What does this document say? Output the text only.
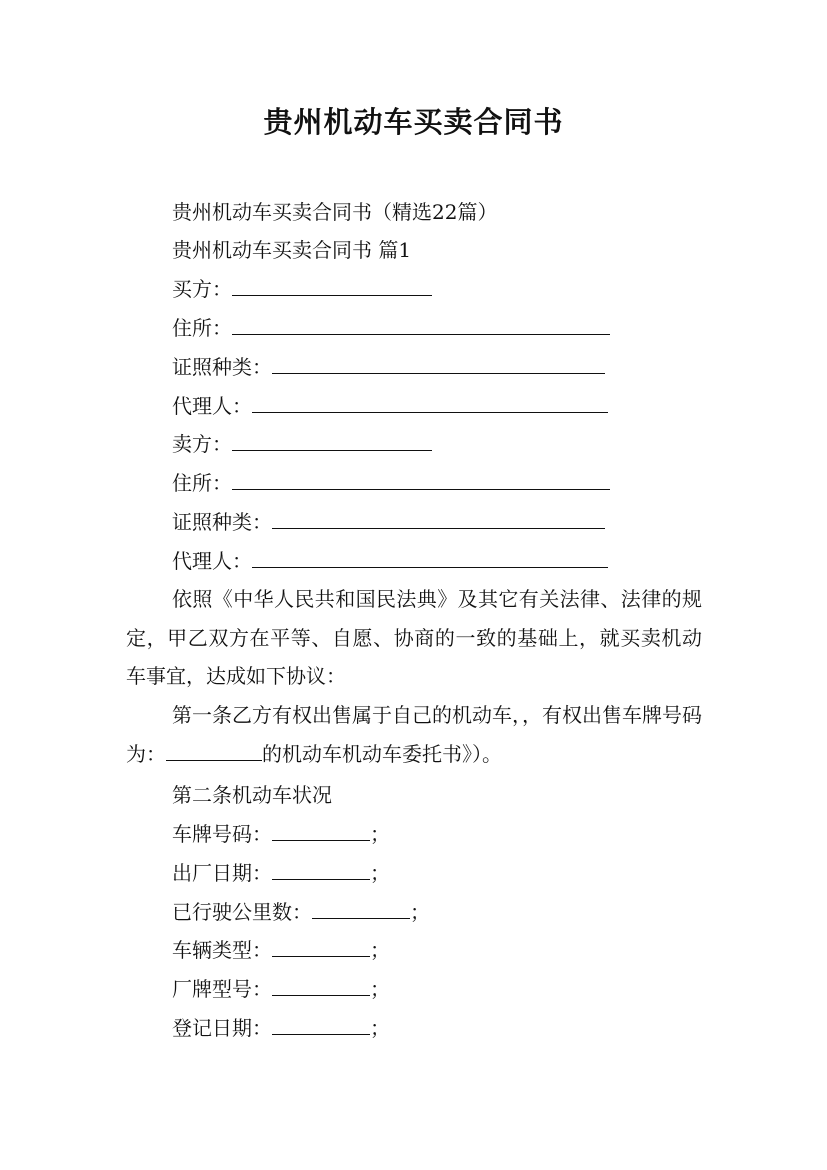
贵州机动车买卖合同书
贵州机动车买卖合同书（精选22篇）
贵州机动车买卖合同书 篇1
买方：
住所：
证照种类：
代理人：
卖方：
住所：
证照种类：
代理人：
依照《中华人民共和国民法典》及其它有关法律、法律的规定，甲乙双方在平等、自愿、协商的一致的基础上，就买卖机动车事宜，达成如下协议：
第一条乙方有权出售属于自己的机动车，，有权出售车牌号码为：	的机动车机动车委托书》）。
第二条机动车状况
车牌号码：	；
出厂日期：	；
已行驶公里数：	；
车辆类型：	；
厂牌型号：	；
登记日期：	；
